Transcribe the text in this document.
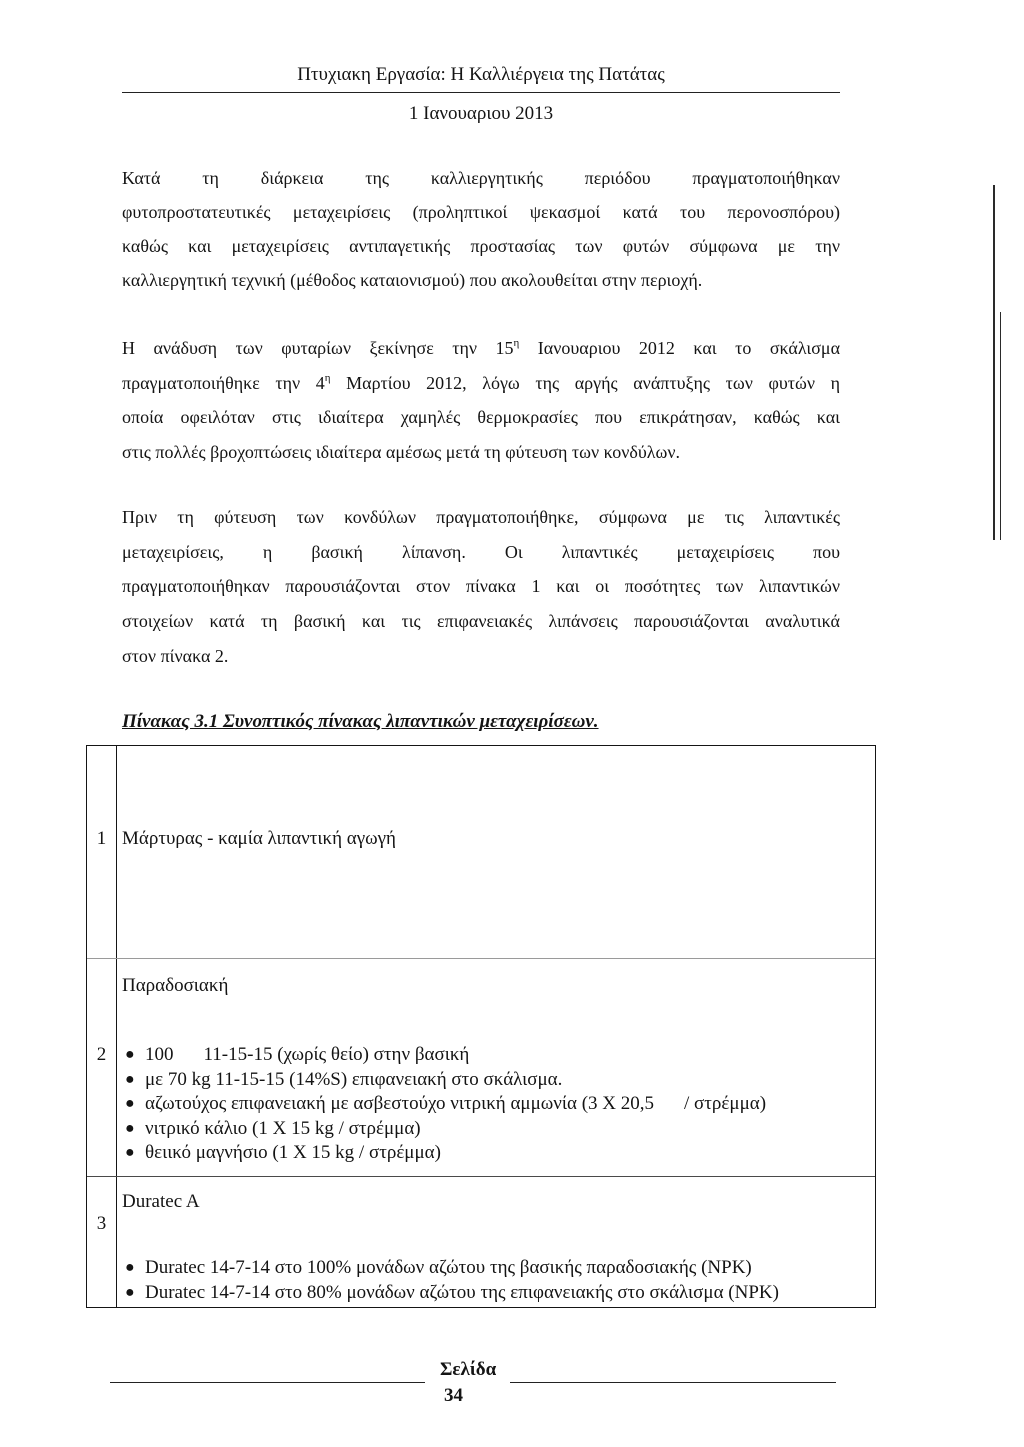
Πτυχιακη Εργασία: Η Καλλιέργεια της Πατάτας
1 Ιανουαριου 2013
Κατά τη διάρκεια της καλλιεργητικής περιόδου πραγματοποιήθηκαν
φυτοπροστατευτικές μεταχειρίσεις (προληπτικοί ψεκασμοί κατά του περονοσπόρου)
καθώς και μεταχειρίσεις αντιπαγετικής προστασίας των φυτών σύμφωνα με την
καλλιεργητική τεχνική (μέθοδος καταιονισμού) που ακολουθείται στην περιοχή.
Η ανάδυση των φυταρίων ξεκίνησε την $15^\eta$ Ιανουαριου 2012 και το σκάλισμα
πραγματοποιήθηκε την $4^\eta$ Μαρτίου 2012, λόγω της αργής ανάπτυξης των φυτών η
οποία οφειλόταν στις ιδιαίτερα χαμηλές θερμοκρασίες που επικράτησαν, καθώς και
στις πολλές βροχοπτώσεις ιδιαίτερα αμέσως μετά τη φύτευση των κονδύλων.
Πριν τη φύτευση των κονδύλων πραγματοποιήθηκε, σύμφωνα με τις λιπαντικές
μεταχειρίσεις, η βασική λίπανση. Οι λιπαντικές μεταχειρίσεις που
πραγματοποιήθηκαν παρουσιάζονται στον πίνακα 1 και οι ποσότητες των λιπαντικών
στοιχείων κατά τη βασική και τις επιφανειακές λιπάνσεις παρουσιάζονται αναλυτικά
στον πίνακα 2.
Πίνακας 3.1 Συνοπτικός πίνακας λιπαντικών μεταχειρίσεων.
1 Μάρτυρας - καμία λιπαντική αγωγή
Παραδοσιακή
2	● 100 11-15-15 (χωρίς θείο) στην βασική
● με 70 kg 11-15-15 (14%S) επιφανειακή στο σκάλισμα.
● αζωτούχος επιφανειακή με ασβεστούχο νιτρική αμμωνία (3 X 20,5 / στρέμμα)
● νιτρικό κάλιο (1 X 15 kg / στρέμμα)
● θειικό μαγνήσιο (1 X 15 kg / στρέμμα)
Duratec A
3
● Duratec 14-7-14 στο 100% μονάδων αζώτου της βασικής παραδοσιακής (NPK)
● Duratec 14-7-14 στο 80% μονάδων αζώτου της επιφανειακής στο σκάλισμα (NPK)
Σελίδα
34
